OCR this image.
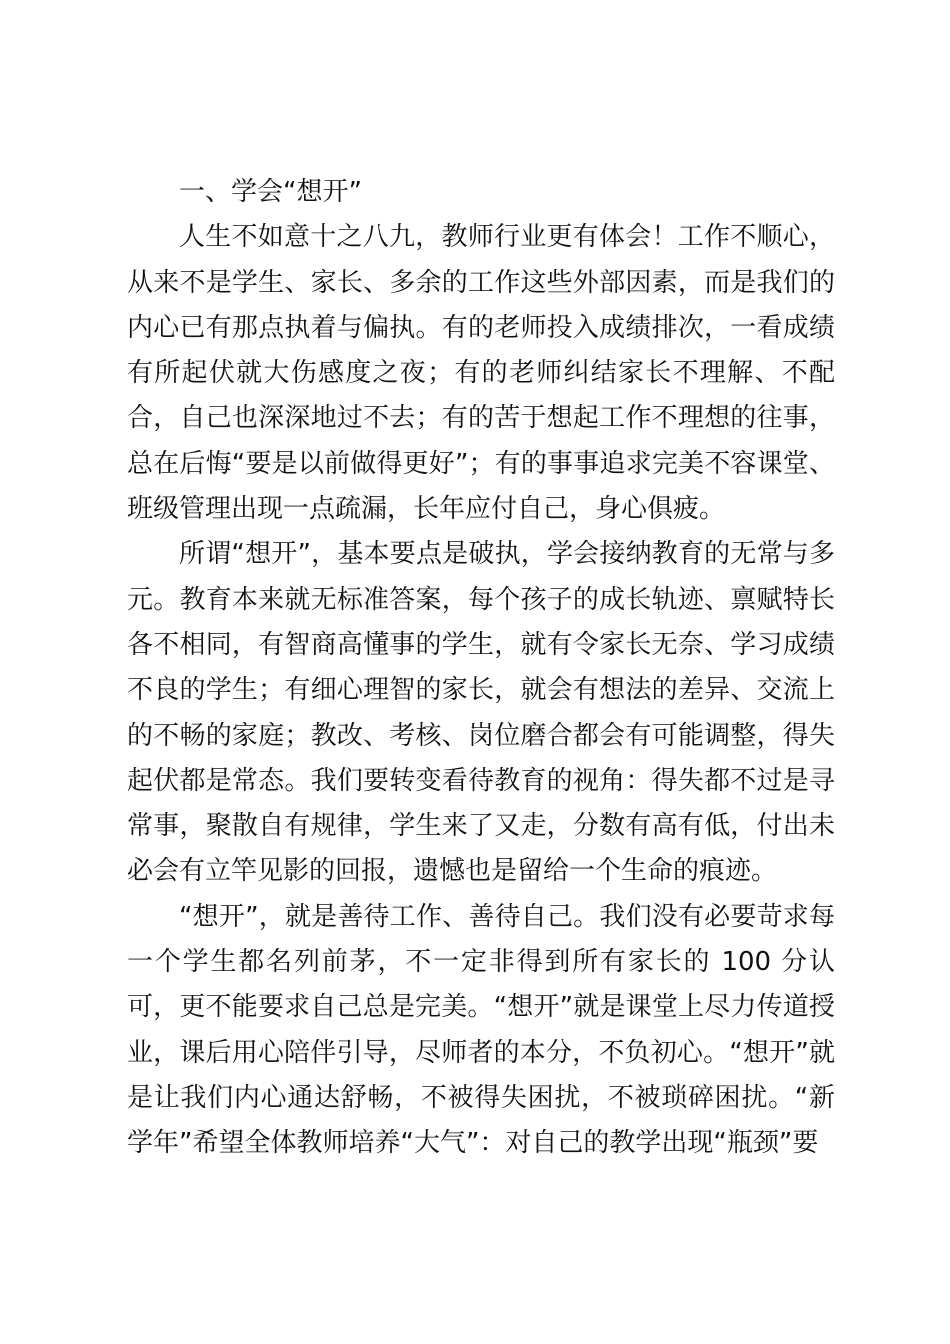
一、学会“想开”

人生不如意十之八九，教师行业更有体会！工作不顺心，从来不是学生、家长、多余的工作这些外部因素，而是我们的内心已有那点执着与偏执。有的老师投入成绩排次，一看成绩有所起伏就大伤感度之夜；有的老师纠结家长不理解、不配合，自己也深深地过不去；有的苦于想起工作不理想的往事，总在后悔“要是以前做得更好”；有的事事追求完美不容课堂、班级管理出现一点疏漏，长年应付自己，身心俱疲。

所谓“想开”，基本要点是破执，学会接纳教育的无常与多元。教育本来就无标准答案，每个孩子的成长轨迹、禀赋特长各不相同，有智商高懂事的学生，就有令家长无奈、学习成绩不良的学生；有细心理智的家长，就会有想法的差异、交流上的不畅的家庭；教改、考核、岗位磨合都会有可能调整，得失起伏都是常态。我们要转变看待教育的视角：得失都不过是寻常事，聚散自有规律，学生来了又走，分数有高有低，付出未必会有立竿见影的回报，遗憾也是留给一个生命的痕迹。

“想开”，就是善待工作、善待自己。我们没有必要苛求每一个学生都名列前茅，不一定非得到所有家长的 100 分认可，更不能要求自己总是完美。“想开”就是课堂上尽力传道授业，课后用心陪伴引导，尽师者的本分，不负初心。“想开”就是让我们内心通达舒畅，不被得失困扰，不被琐碎困扰。“新学年”希望全体教师培养“大气”：对自己的教学出现“瓶颈”要
